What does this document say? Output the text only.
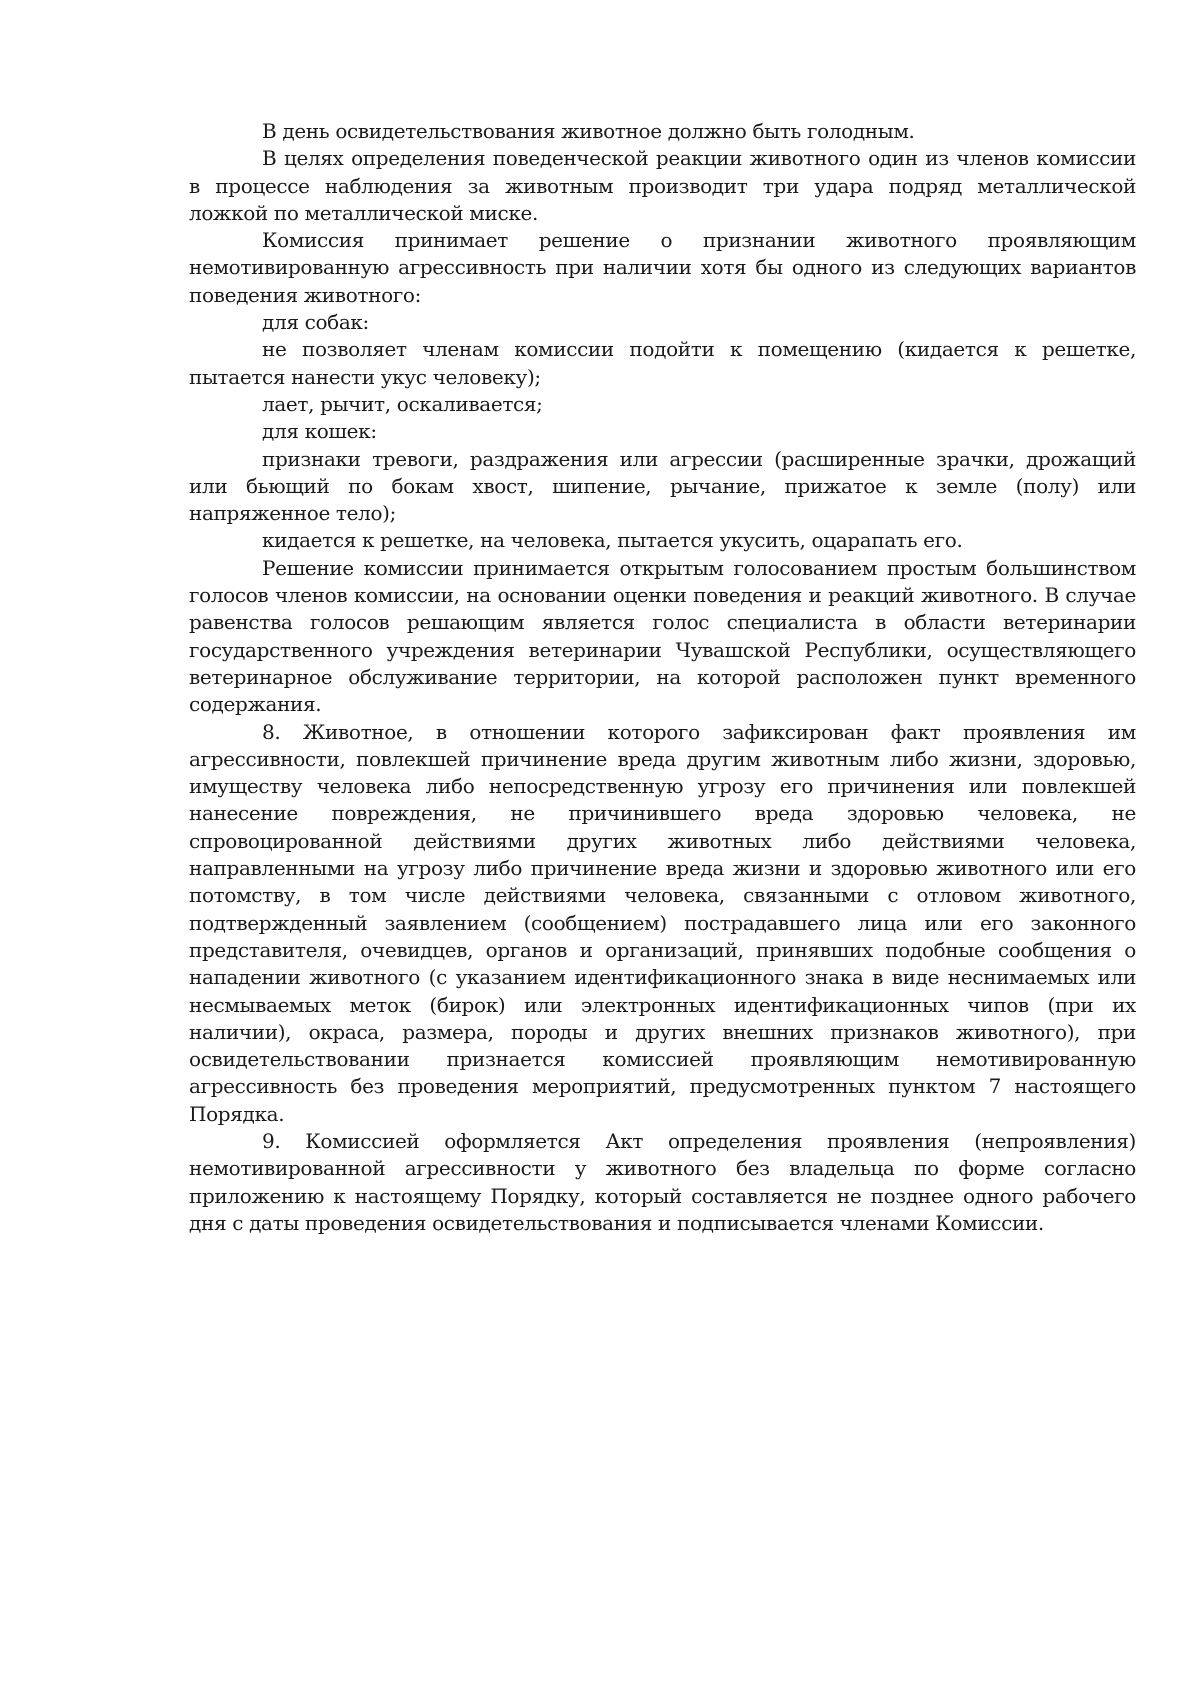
В день освидетельствования животное должно быть голодным.

В целях определения поведенческой реакции животного один из членов комиссии в процессе наблюдения за животным производит три удара подряд металлической ложкой по металлической миске.

Комиссия принимает решение о признании животного проявляющим немотивированную агрессивность при наличии хотя бы одного из следующих вариантов поведения животного:

для собак:

не позволяет членам комиссии подойти к помещению (кидается к решетке, пытается нанести укус человеку);

лает, рычит, оскаливается;

для кошек:

признаки тревоги, раздражения или агрессии (расширенные зрачки, дрожащий или бьющий по бокам хвост, шипение, рычание, прижатое к земле (полу) или напряженное тело);

кидается к решетке, на человека, пытается укусить, оцарапать его.

Решение комиссии принимается открытым голосованием простым большинством голосов членов комиссии, на основании оценки поведения и реакций животного. В случае равенства голосов решающим является голос специалиста в области ветеринарии государственного учреждения ветеринарии Чувашской Республики, осуществляющего ветеринарное обслуживание территории, на которой расположен пункт временного содержания.

8. Животное, в отношении которого зафиксирован факт проявления им агрессивности, повлекшей причинение вреда другим животным либо жизни, здоровью, имуществу человека либо непосредственную угрозу его причинения или повлекшей нанесение повреждения, не причинившего вреда здоровью человека, не спровоцированной действиями других животных либо действиями человека, направленными на угрозу либо причинение вреда жизни и здоровью животного или его потомству, в том числе действиями человека, связанными с отловом животного, подтвержденный заявлением (сообщением) пострадавшего лица или его законного представителя, очевидцев, органов и организаций, принявших подобные сообщения о нападении животного (с указанием идентификационного знака в виде неснимаемых или несмываемых меток (бирок) или электронных идентификационных чипов (при их наличии), окраса, размера, породы и других внешних признаков животного), при освидетельствовании признается комиссией проявляющим немотивированную агрессивность без проведения мероприятий, предусмотренных пунктом 7 настоящего Порядка.

9. Комиссией оформляется Акт определения проявления (непроявления) немотивированной агрессивности у животного без владельца по форме согласно приложению к настоящему Порядку, который составляется не позднее одного рабочего дня с даты проведения освидетельствования и подписывается членами Комиссии.
